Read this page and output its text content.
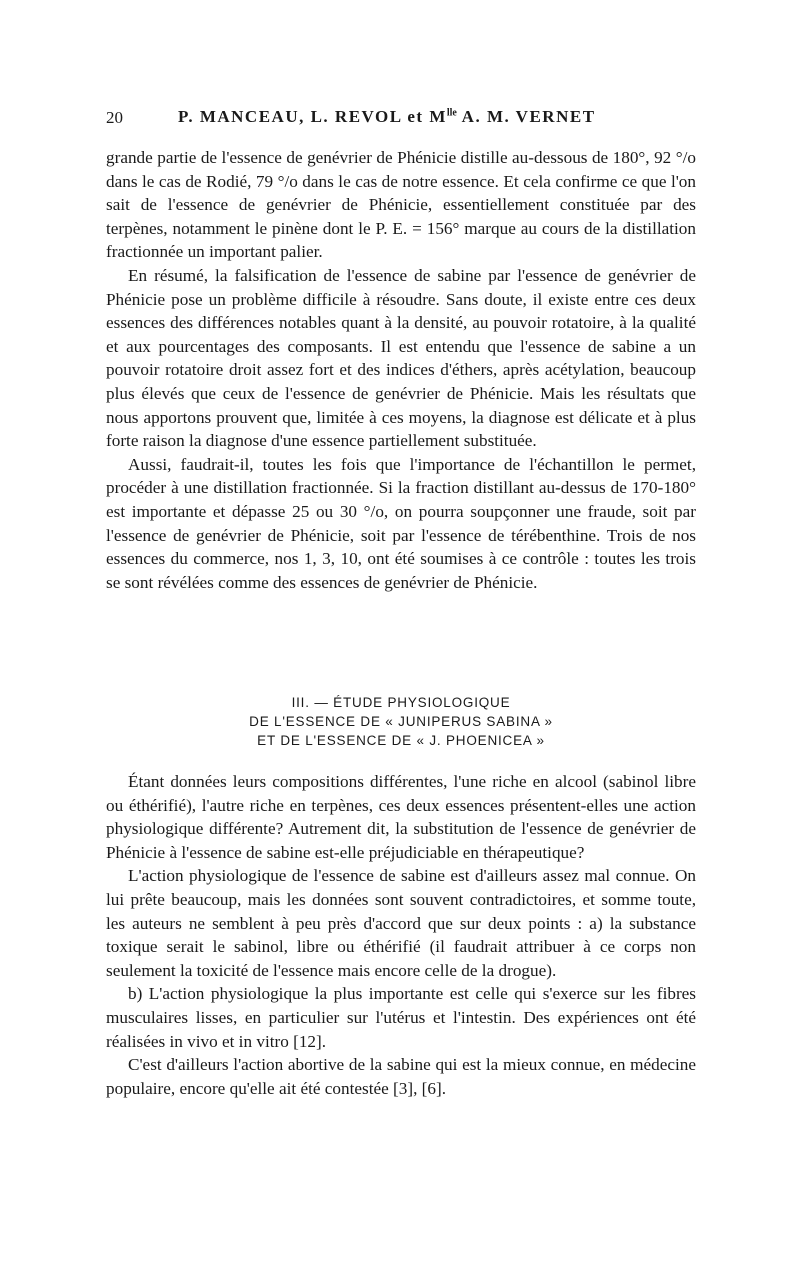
20	P. MANCEAU, L. REVOL et $M^{lle}$ A. M. VERNET

grande partie de l'essence de genévrier de Phénicie distille au-dessous de 180°, 92 °/o dans le cas de Rodié, 79 °/o dans le cas de notre essence. Et cela confirme ce que l'on sait de l'essence de genévrier de Phénicie, essentiellement constituée par des terpènes, notamment le pinène dont le P. E. = 156° marque au cours de la distillation fractionnée un important palier.

En résumé, la falsification de l'essence de sabine par l'essence de genévrier de Phénicie pose un problème difficile à résoudre. Sans doute, il existe entre ces deux essences des différences notables quant à la densité, au pouvoir rotatoire, à la qualité et aux pourcentages des composants. Il est entendu que l'essence de sabine a un pouvoir rotatoire droit assez fort et des indices d'éthers, après acétylation, beaucoup plus élevés que ceux de l'essence de genévrier de Phénicie. Mais les résultats que nous apportons prouvent que, limitée à ces moyens, la diagnose est délicate et à plus forte raison la diagnose d'une essence partiellement substituée.

Aussi, faudrait-il, toutes les fois que l'importance de l'échantillon le permet, procéder à une distillation fractionnée. Si la fraction distillant au-dessus de 170-180° est importante et dépasse 25 ou 30 °/o, on pourra soupçonner une fraude, soit par l'essence de genévrier de Phénicie, soit par l'essence de térébenthine. Trois de nos essences du commerce, nos 1, 3, 10, ont été soumises à ce contrôle : toutes les trois se sont révélées comme des essences de genévrier de Phénicie.

III. — ÉTUDE PHYSIOLOGIQUE
DE L'ESSENCE DE « JUNIPERUS SABINA »
ET DE L'ESSENCE DE « J. PHOENICEA »

Étant données leurs compositions différentes, l'une riche en alcool (sabinol libre ou éthérifié), l'autre riche en terpènes, ces deux essences présentent-elles une action physiologique différente? Autrement dit, la substitution de l'essence de genévrier de Phénicie à l'essence de sabine est-elle préjudiciable en thérapeutique?

L'action physiologique de l'essence de sabine est d'ailleurs assez mal connue. On lui prête beaucoup, mais les données sont souvent contradictoires, et somme toute, les auteurs ne semblent à peu près d'accord que sur deux points : a) la substance toxique serait le sabinol, libre ou éthérifié (il faudrait attribuer à ce corps non seulement la toxicité de l'essence mais encore celle de la drogue).

b) L'action physiologique la plus importante est celle qui s'exerce sur les fibres musculaires lisses, en particulier sur l'utérus et l'intestin. Des expériences ont été réalisées in vivo et in vitro [12].

C'est d'ailleurs l'action abortive de la sabine qui est la mieux connue, en médecine populaire, encore qu'elle ait été contestée [3], [6].
